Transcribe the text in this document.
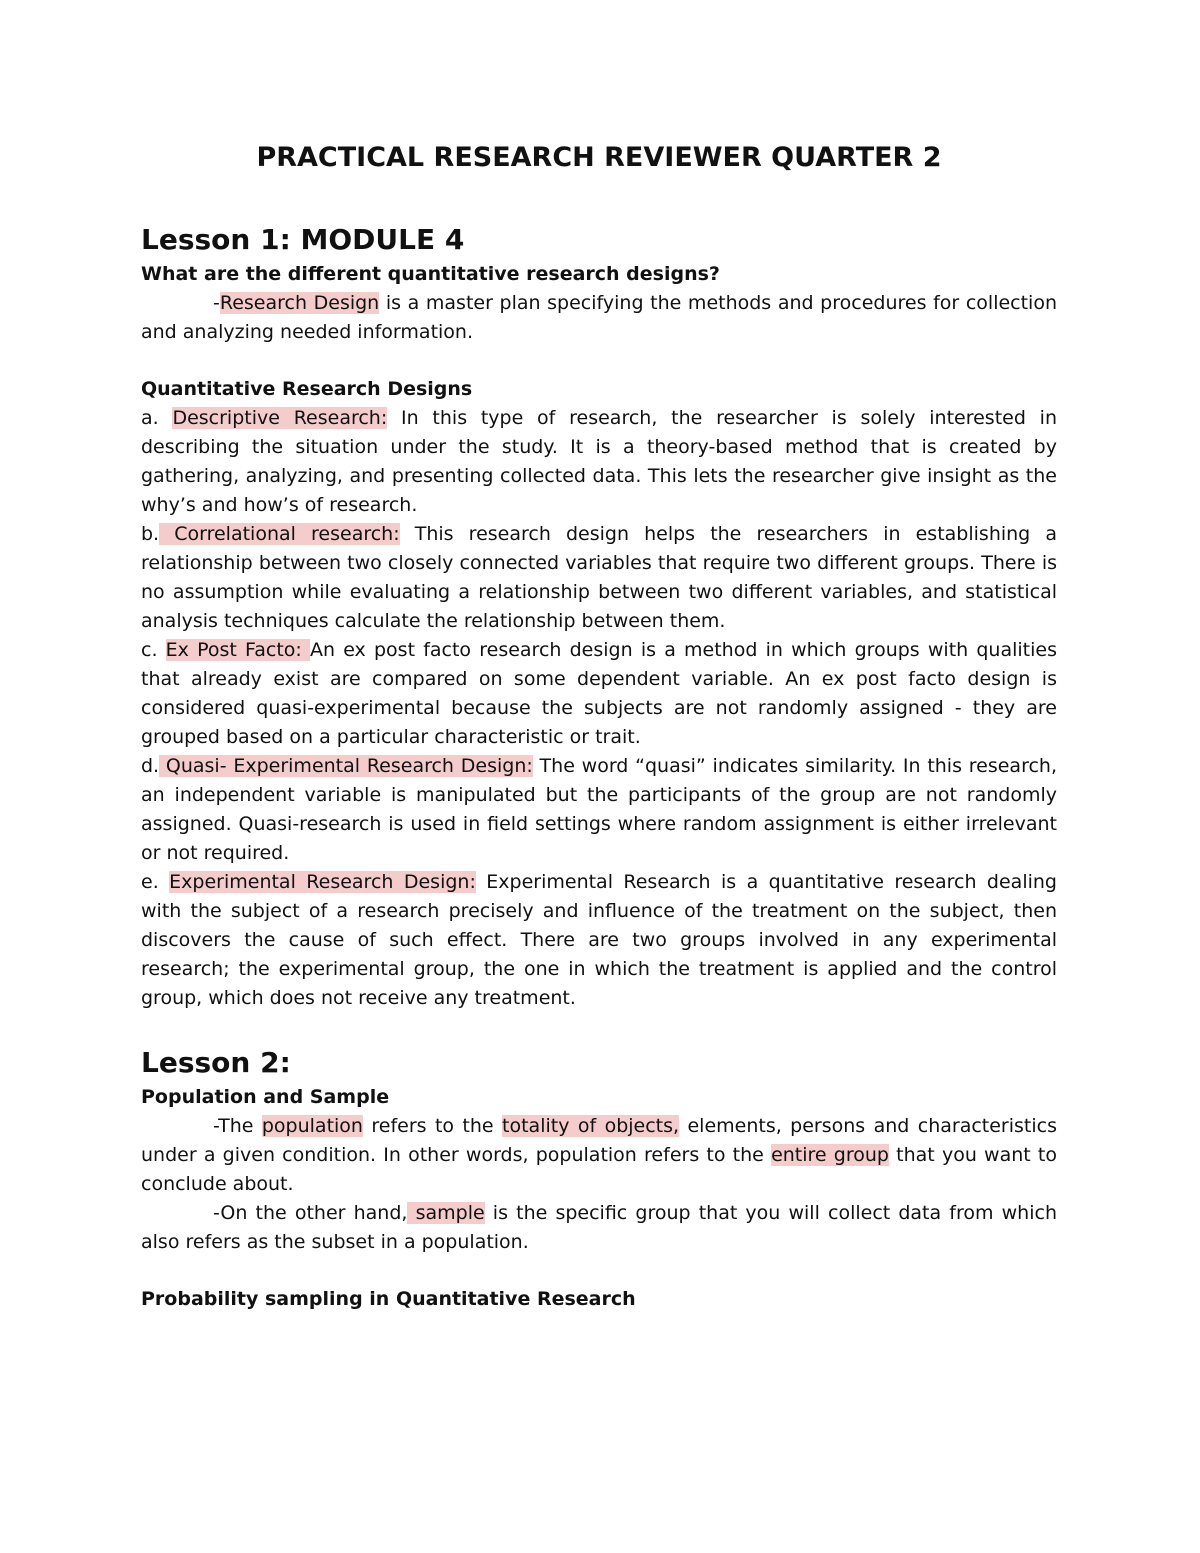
PRACTICAL RESEARCH REVIEWER QUARTER 2
Lesson 1: MODULE 4

What are the different quantitative research designs?

-Research Design is a master plan specifying the methods and procedures for collection and analyzing needed information.

Quantitative Research Designs

a. Descriptive Research: In this type of research, the researcher is solely interested in describing the situation under the study. It is a theory-based method that is created by gathering, analyzing, and presenting collected data. This lets the researcher give insight as the why’s and how’s of research.

b. Correlational research: This research design helps the researchers in establishing a relationship between two closely connected variables that require two different groups. There is no assumption while evaluating a relationship between two different variables, and statistical analysis techniques calculate the relationship between them.

c. Ex Post Facto: An ex post facto research design is a method in which groups with qualities that already exist are compared on some dependent variable. An ex post facto design is considered quasi-experimental because the subjects are not randomly assigned - they are grouped based on a particular characteristic or trait.

d. Quasi- Experimental Research Design: The word “quasi” indicates similarity. In this research, an independent variable is manipulated but the participants of the group are not randomly assigned. Quasi-research is used in field settings where random assignment is either irrelevant or not required.

e. Experimental Research Design: Experimental Research is a quantitative research dealing with the subject of a research precisely and influence of the treatment on the subject, then discovers the cause of such effect. There are two groups involved in any experimental research; the experimental group, the one in which the treatment is applied and the control group, which does not receive any treatment.

Lesson 2:

Population and Sample

-The population refers to the totality of objects, elements, persons and characteristics under a given condition. In other words, population refers to the entire group that you want to conclude about.

-On the other hand, sample is the specific group that you will collect data from which also refers as the subset in a population.

Probability sampling in Quantitative Research
